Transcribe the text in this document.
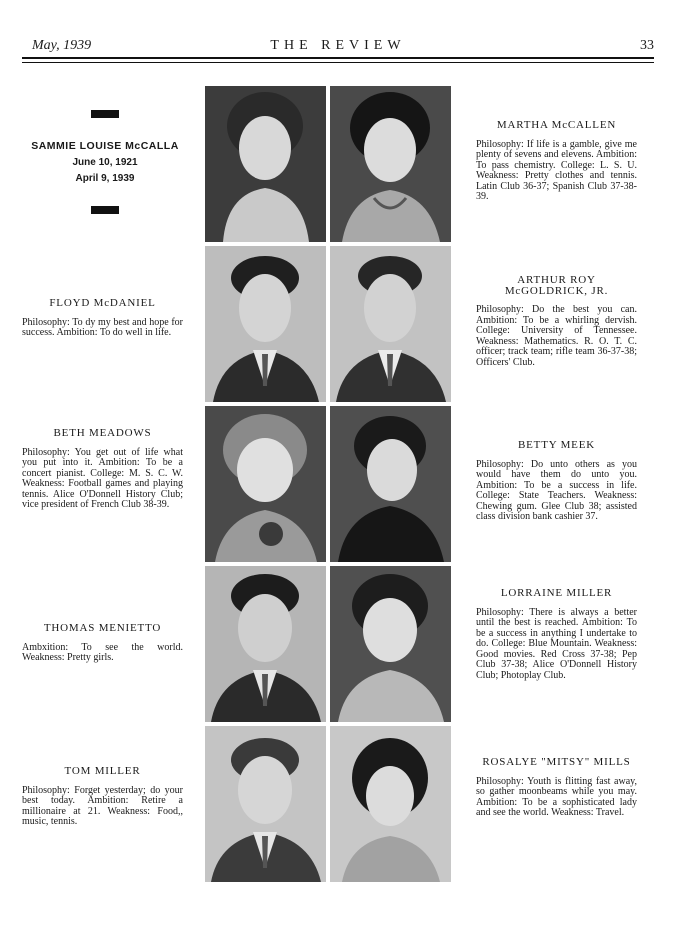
May, 1939	THE REVIEW	33
SAMMIE LOUISE McCALLA
June 10, 1921
April 9, 1939
FLOYD McDANIEL
Philosophy: To dy my best and hope for success. Ambition: To do well in life.
BETH MEADOWS
Philosophy: You get out of life what you put into it. Ambition: To be a concert pianist. College: M. S. C. W. Weakness: Football games and playing tennis. Alice O'Donnell History Club; vice president of French Club 38-39.
THOMAS MENIETTO
Ambxition: To see the world. Weakness: Pretty girls.
TOM MILLER
Philosophy: Forget yesterday; do your best today. Ambition: Retire a millionaire at 21. Weakness: Food,, music, tennis.
MARTHA McCALLEN
Philosophy: If life is a gamble, give me plenty of sevens and elevens. Ambition: To pass chemistry. College: L. S. U. Weakness: Pretty clothes and tennis. Latin Club 36-37; Spanish Club 37-38-39.
ARTHUR ROY McGOLDRICK, JR.
Philosophy: Do the best you can. Ambition: To be a whirling dervish. College: University of Tennessee. Weakness: Mathematics. R. O. T. C. officer; track team; rifle team 36-37-38; Officers' Club.
BETTY MEEK
Philosophy: Do unto others as you would have them do unto you. Ambition: To be a success in life. College: State Teachers. Weakness: Chewing gum. Glee Club 38; assisted class division bank cashier 37.
LORRAINE MILLER
Philosophy: There is always a better until the best is reached. Ambition: To be a success in anything I undertake to do. College: Blue Mountain. Weakness: Good movies. Red Cross 37-38; Pep Club 37-38; Alice O'Donnell History Club; Photoplay Club.
ROSALYE "MITSY" MILLS
Philosophy: Youth is flitting fast away, so gather moonbeams while you may. Ambition: To be a sophisticated lady and see the world. Weakness: Travel.
